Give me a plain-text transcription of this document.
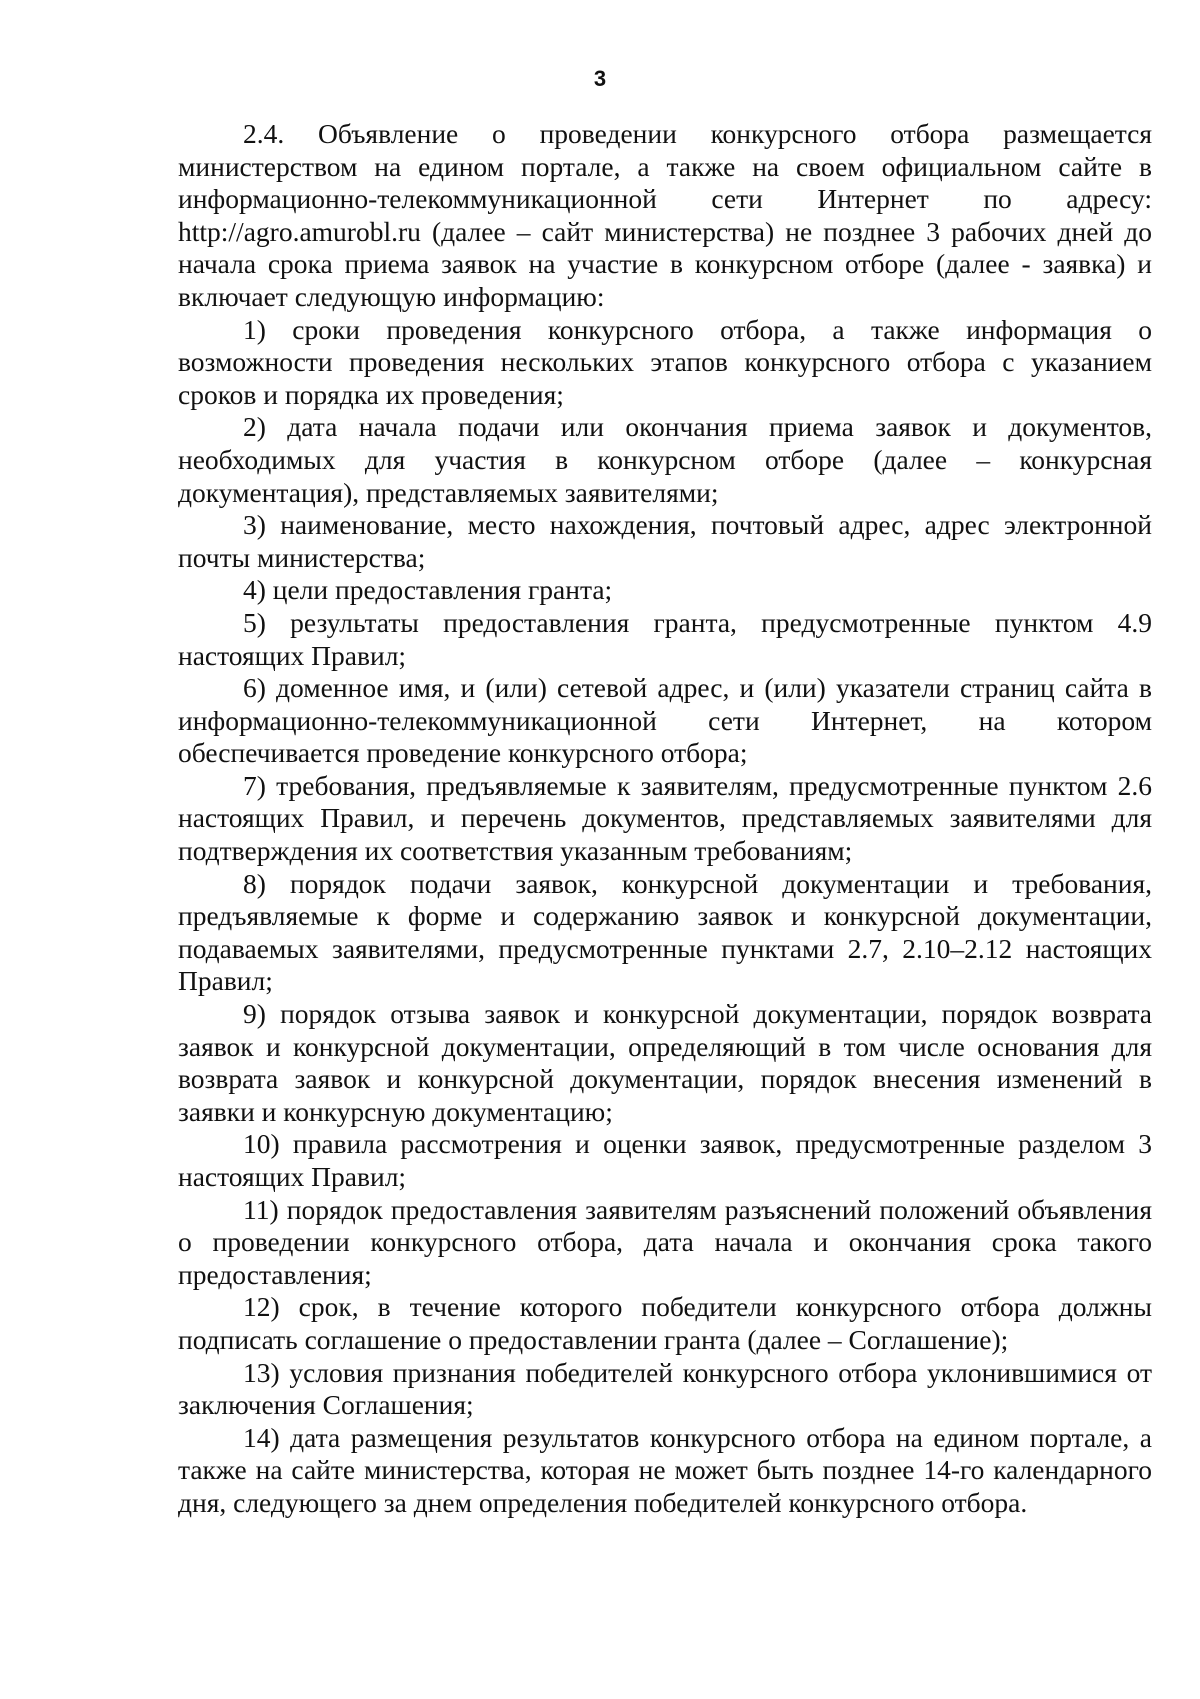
3

2.4. Объявление о проведении конкурсного отбора размещается министерством на едином портале, а также на своем официальном сайте в информационно-телекоммуникационной сети Интернет по адресу: http://agro.amurobl.ru (далее – сайт министерства) не позднее 3 рабочих дней до начала срока приема заявок на участие в конкурсном отборе (далее - заявка) и включает следующую информацию:

1) сроки проведения конкурсного отбора, а также информация о возможности проведения нескольких этапов конкурсного отбора с указанием сроков и порядка их проведения;

2) дата начала подачи или окончания приема заявок и документов, необходимых для участия в конкурсном отборе (далее – конкурсная документация), представляемых заявителями;

3) наименование, место нахождения, почтовый адрес, адрес электронной почты министерства;

4) цели предоставления гранта;

5) результаты предоставления гранта, предусмотренные пунктом 4.9 настоящих Правил;

6) доменное имя, и (или) сетевой адрес, и (или) указатели страниц сайта в информационно-телекоммуникационной сети Интернет, на котором обеспечивается проведение конкурсного отбора;

7) требования, предъявляемые к заявителям, предусмотренные пунктом 2.6 настоящих Правил, и перечень документов, представляемых заявителями для подтверждения их соответствия указанным требованиям;

8) порядок подачи заявок, конкурсной документации и требования, предъявляемые к форме и содержанию заявок и конкурсной документации, подаваемых заявителями, предусмотренные пунктами 2.7, 2.10–2.12 настоящих Правил;

9) порядок отзыва заявок и конкурсной документации, порядок возврата заявок и конкурсной документации, определяющий в том числе основания для возврата заявок и конкурсной документации, порядок внесения изменений в заявки и конкурсную документацию;

10) правила рассмотрения и оценки заявок, предусмотренные разделом 3 настоящих Правил;

11) порядок предоставления заявителям разъяснений положений объявления о проведении конкурсного отбора, дата начала и окончания срока такого предоставления;

12) срок, в течение которого победители конкурсного отбора должны подписать соглашение о предоставлении гранта (далее – Соглашение);

13) условия признания победителей конкурсного отбора уклонившимися от заключения Соглашения;

14) дата размещения результатов конкурсного отбора на едином портале, а также на сайте министерства, которая не может быть позднее 14-го календарного дня, следующего за днем определения победителей конкурсного отбора.
